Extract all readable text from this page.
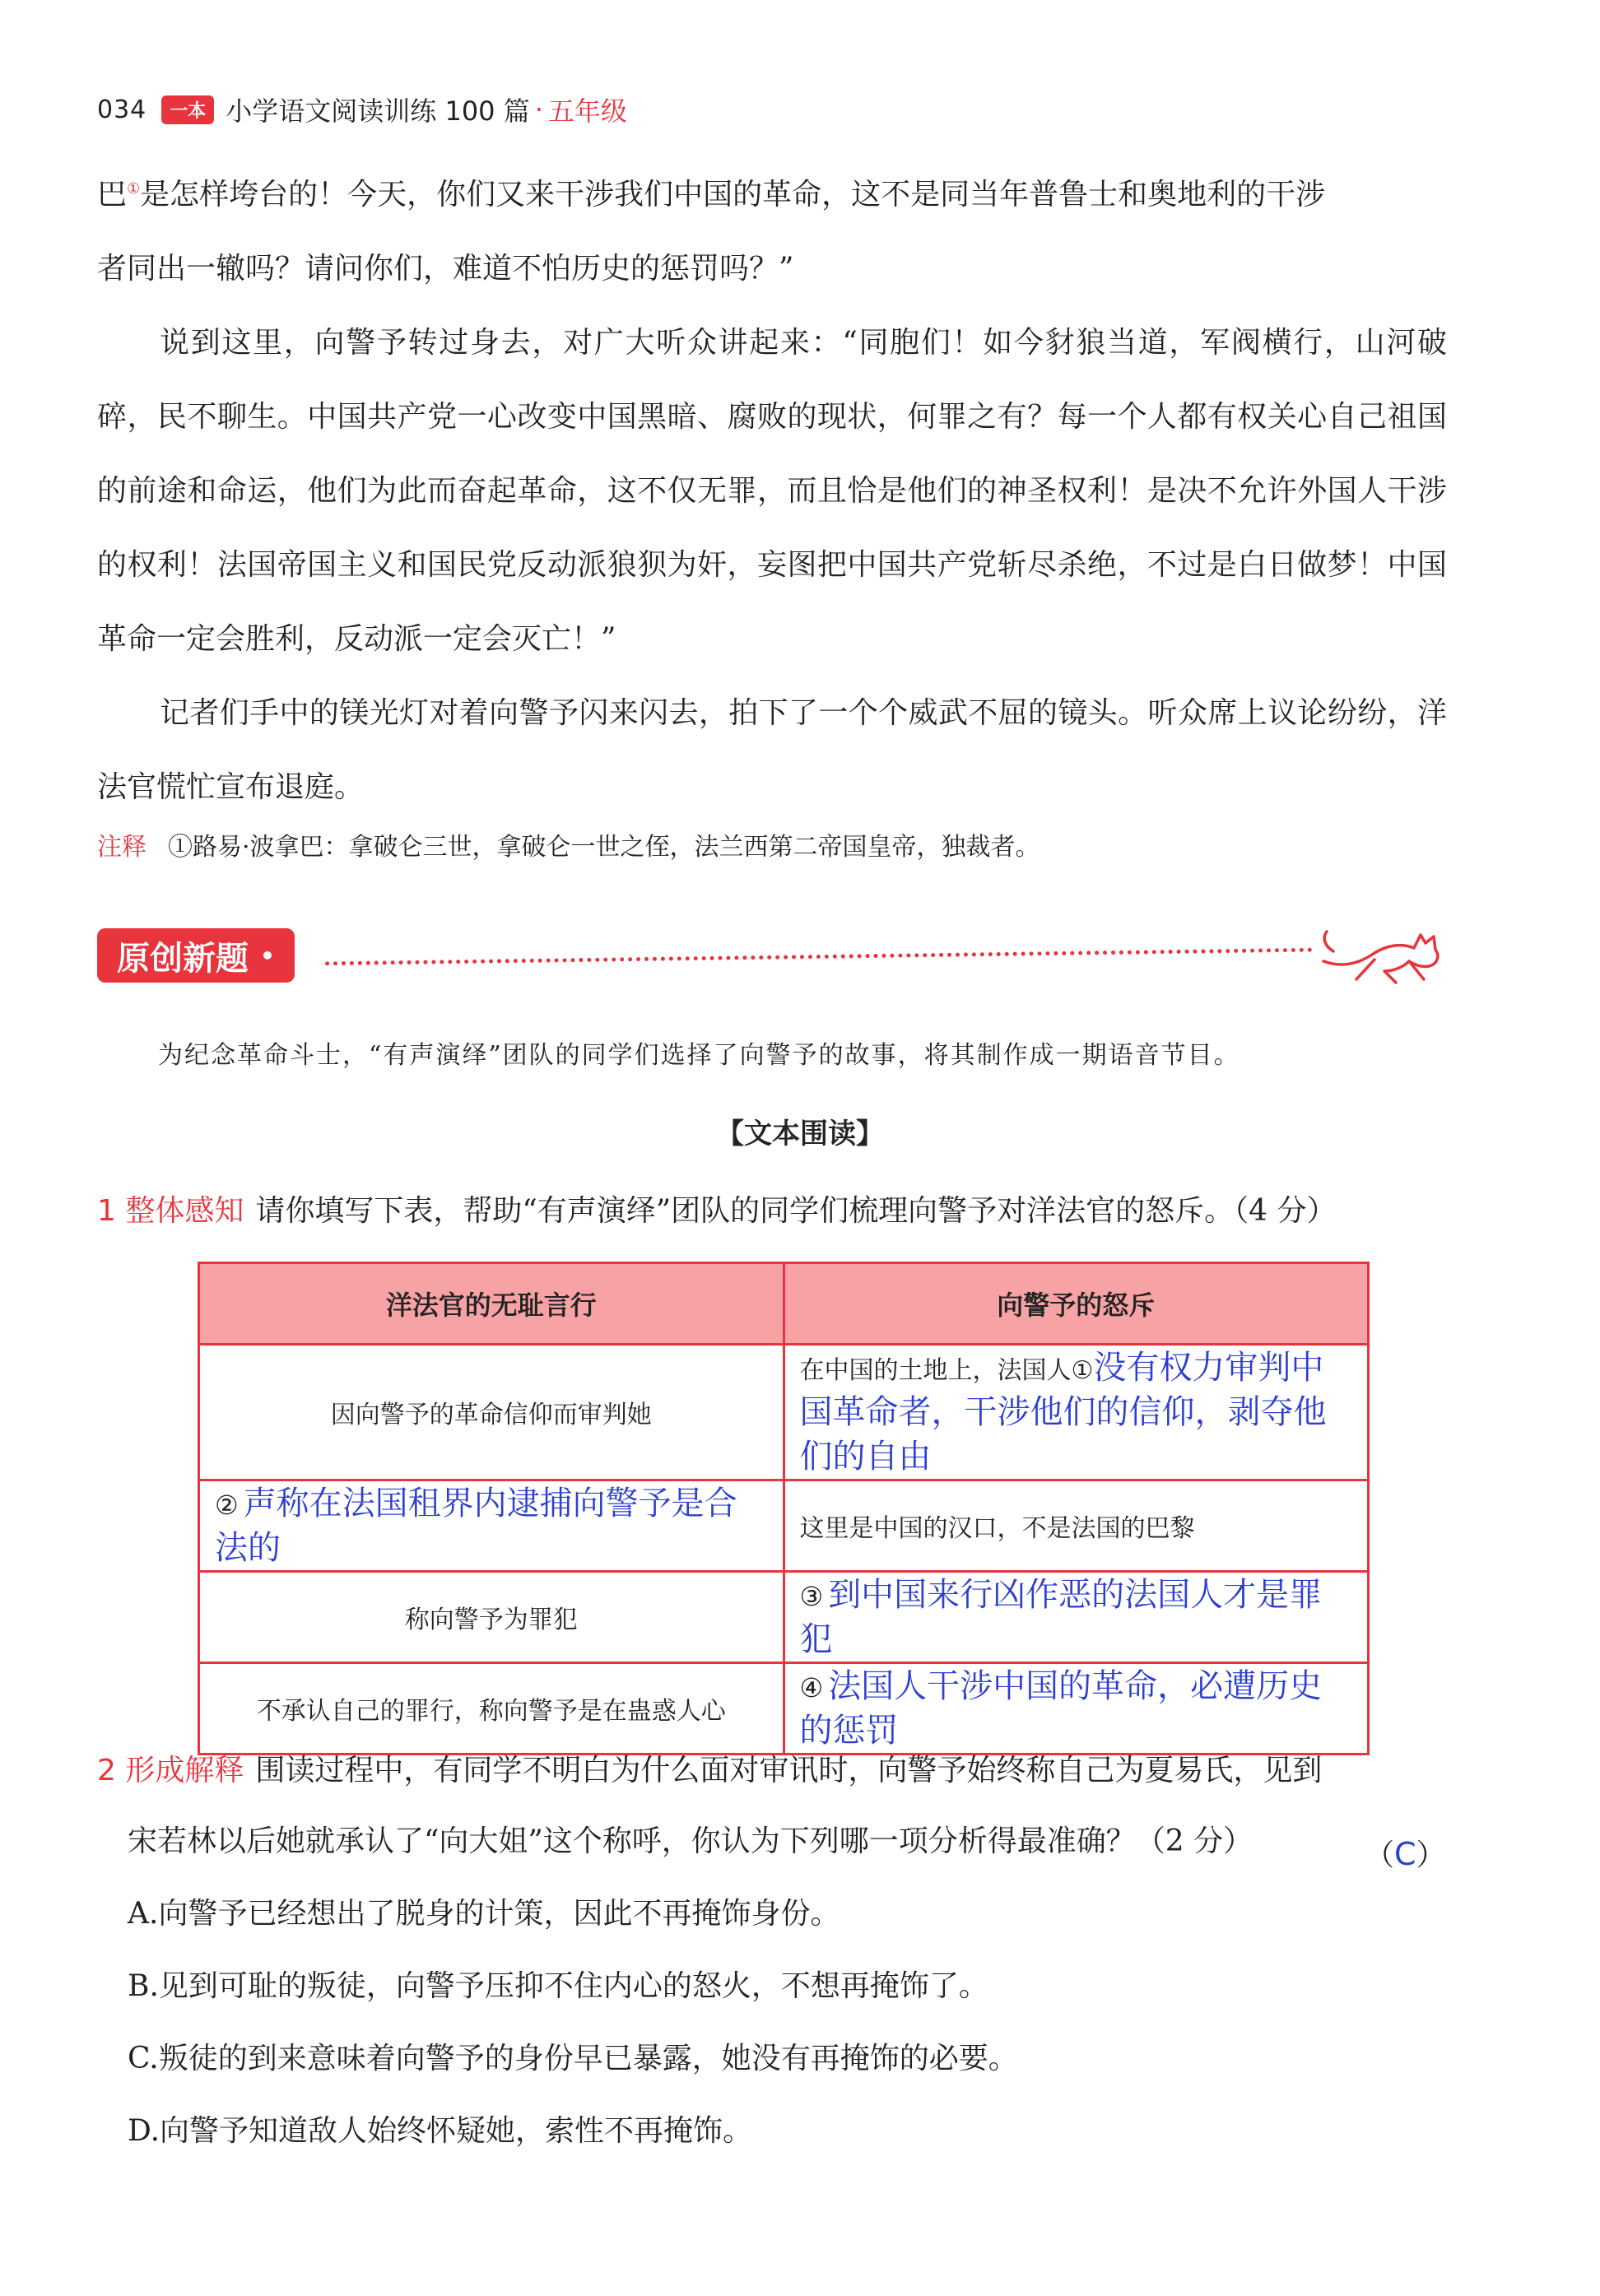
034	一本 小学语文阅读训练 100 篇 · 五年级

巴①是怎样垮台的！今天，你们又来干涉我们中国的革命，这不是同当年普鲁士和奥地利的干涉
者同出一辙吗？请问你们，难道不怕历史的惩罚吗？”

说到这里，向警予转过身去，对广大听众讲起来：“同胞们！如今豺狼当道，军阀横行，山河破碎，民不聊生。中国共产党一心改变中国黑暗、腐败的现状，何罪之有？每一个人都有权关心自己祖国的前途和命运，他们为此而奋起革命，这不仅无罪，而且恰是他们的神圣权利！是决不允许外国人干涉的权利！法国帝国主义和国民党反动派狼狈为奸，妄图把中国共产党斩尽杀绝，不过是白日做梦！中国革命一定会胜利，反动派一定会灭亡！”

记者们手中的镁光灯对着向警予闪来闪去，拍下了一个个威武不屈的镜头。听众席上议论纷纷，洋法官慌忙宣布退庭。

注释 ①路易·波拿巴：拿破仑三世，拿破仑一世之侄，法兰西第二帝国皇帝，独裁者。
原创新题 •
为纪念革命斗士，“有声演绎”团队的同学们选择了向警予的故事，将其制作成一期语音节目。
【文本围读】
1 整体感知 请你填写下表，帮助“有声演绎”团队的同学们梳理向警予对洋法官的怒斥。（4 分）
洋法官的无耻言行	向警予的怒斥
因向警予的革命信仰而审判她	在中国的土地上，法国人①没有权力审判中国革命者，干涉他们的信仰，剥夺他们的自由
② 声称在法国租界内逮捕向警予是合法的	这里是中国的汉口，不是法国的巴黎
称向警予为罪犯	③ 到中国来行凶作恶的法国人才是罪犯
不承认自己的罪行，称向警予是在蛊惑人心	④ 法国人干涉中国的革命，必遭历史的惩罚
2 形成解释 围读过程中，有同学不明白为什么面对审讯时，向警予始终称自己为夏易氏，见到
宋若林以后她就承认了“向大姐”这个称呼，你认为下列哪一项分析得最准确？（2 分）	（C）
A.向警予已经想出了脱身的计策，因此不再掩饰身份。
B.见到可耻的叛徒，向警予压抑不住内心的怒火，不想再掩饰了。
C.叛徒的到来意味着向警予的身份早已暴露，她没有再掩饰的必要。
D.向警予知道敌人始终怀疑她，索性不再掩饰。
